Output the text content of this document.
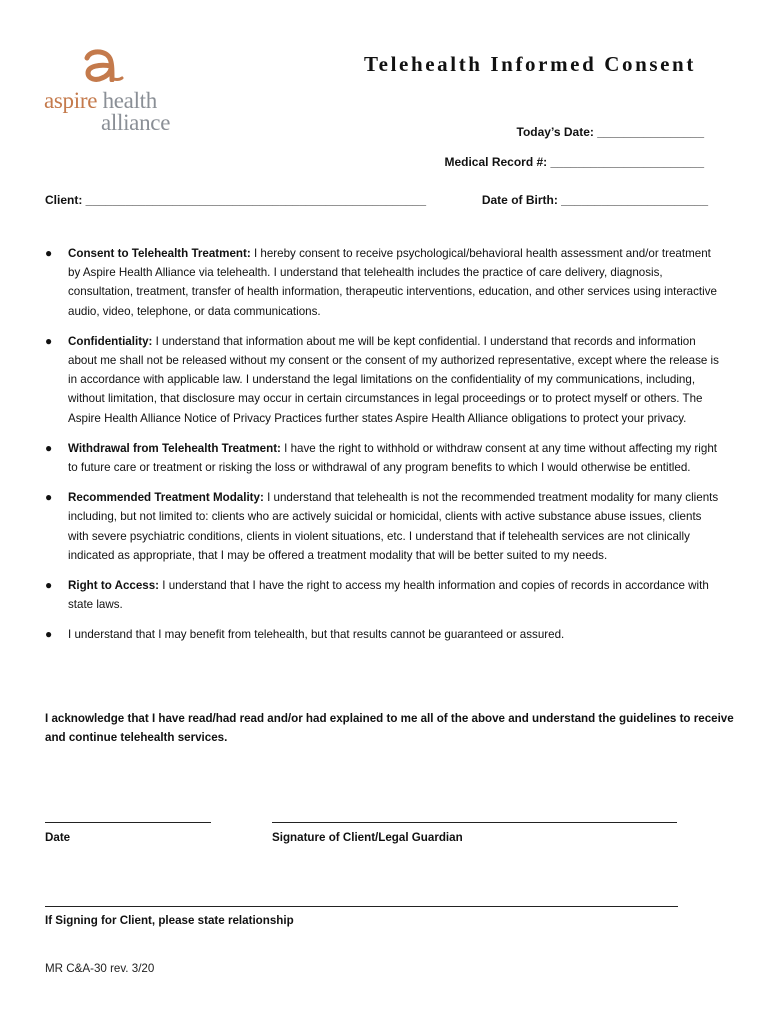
aspire health
alliance
Telehealth Informed Consent
Today’s Date: ________________
Medical Record #: _______________________
Client: ___________________________________________________	Date of Birth: ______________________
● Consent to Telehealth Treatment: I hereby consent to receive psychological/behavioral health assessment and/or treatment by Aspire Health Alliance via telehealth. I understand that telehealth includes the practice of care delivery, diagnosis, consultation, treatment, transfer of health information, therapeutic interventions, education, and other services using interactive audio, video, telephone, or data communications.
● Confidentiality: I understand that information about me will be kept confidential. I understand that records and information about me shall not be released without my consent or the consent of my authorized representative, except where the release is in accordance with applicable law. I understand the legal limitations on the confidentiality of my communications, including, without limitation, that disclosure may occur in certain circumstances in legal proceedings or to protect myself or others. The Aspire Health Alliance Notice of Privacy Practices further states Aspire Health Alliance obligations to protect your privacy.
● Withdrawal from Telehealth Treatment: I have the right to withhold or withdraw consent at any time without affecting my right to future care or treatment or risking the loss or withdrawal of any program benefits to which I would otherwise be entitled.
● Recommended Treatment Modality: I understand that telehealth is not the recommended treatment modality for many clients including, but not limited to: clients who are actively suicidal or homicidal, clients with active substance abuse issues, clients with severe psychiatric conditions, clients in violent situations, etc. I understand that if telehealth services are not clinically indicated as appropriate, that I may be offered a treatment modality that will be better suited to my needs.
● Right to Access: I understand that I have the right to access my health information and copies of records in accordance with state laws.
● I understand that I may benefit from telehealth, but that results cannot be guaranteed or assured.
I acknowledge that I have read/had read and/or had explained to me all of the above and understand the guidelines to receive and continue telehealth services.
Date	Signature of Client/Legal Guardian
If Signing for Client, please state relationship
MR C&A-30 rev. 3/20
